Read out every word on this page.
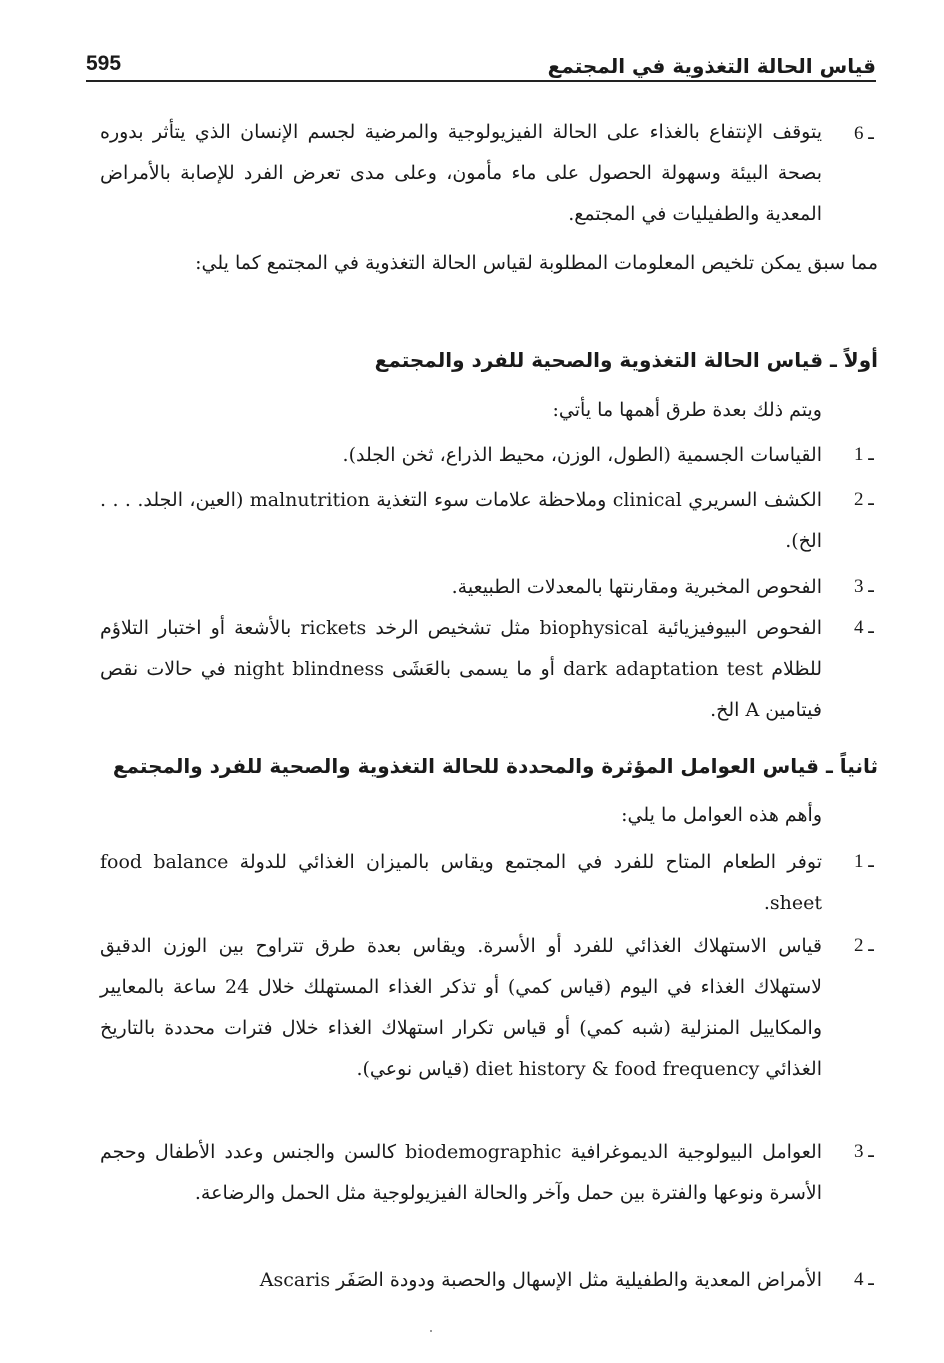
قياس الحالة التغذوية في المجتمع
595
6 ـ
يتوقف الإنتفاع بالغذاء على الحالة الفيزيولوجية والمرضية لجسم الإنسان الذي يتأثر بدوره بصحة البيئة وسهولة الحصول على ماء مأمون، وعلى مدى تعرض الفرد للإصابة بالأمراض المعدية والطفيليات في المجتمع.
مما سبق يمكن تلخيص المعلومات المطلوبة لقياس الحالة التغذوية في المجتمع كما يلي:
أولاً ـ قياس الحالة التغذوية والصحية للفرد والمجتمع
ويتم ذلك بعدة طرق أهمها ما يأتي:
1 ـ
القياسات الجسمية (الطول، الوزن، محيط الذراع، ثخن الجلد).
2 ـ
الكشف السريري clinical وملاحظة علامات سوء التغذية malnutrition (العين، الجلد. . . . الخ).
3 ـ
الفحوص المخبرية ومقارنتها بالمعدلات الطبيعية.
4 ـ
الفحوص البيوفيزيائية biophysical مثل تشخيص الرخد rickets بالأشعة أو اختبار التلاؤم للظلام dark adaptation test أو ما يسمى بالعَشَى night blindness في حالات نقص فيتامين A الخ.
ثانياً ـ قياس العوامل المؤثرة والمحددة للحالة التغذوية والصحية للفرد والمجتمع
وأهم هذه العوامل ما يلي:
1 ـ
توفر الطعام المتاح للفرد في المجتمع ويقاس بالميزان الغذائي للدولة food balance sheet.
2 ـ
قياس الاستهلاك الغذائي للفرد أو الأسرة. ويقاس بعدة طرق تتراوح بين الوزن الدقيق لاستهلاك الغذاء في اليوم (قياس كمي) أو تذكر الغذاء المستهلك خلال 24 ساعة بالمعايير والمكاييل المنزلية (شبه كمي) أو قياس تكرار استهلاك الغذاء خلال فترات محددة بالتاريخ الغذائي diet history & food frequency (قياس نوعي).
3 ـ
العوامل البيولوجية الديموغرافية biodemographic كالسن والجنس وعدد الأطفال وحجم الأسرة ونوعها والفترة بين حمل وآخر والحالة الفيزيولوجية مثل الحمل والرضاعة.
4 ـ
الأمراض المعدية والطفيلية مثل الإسهال والحصبة ودودة الصَفَر Ascaris
